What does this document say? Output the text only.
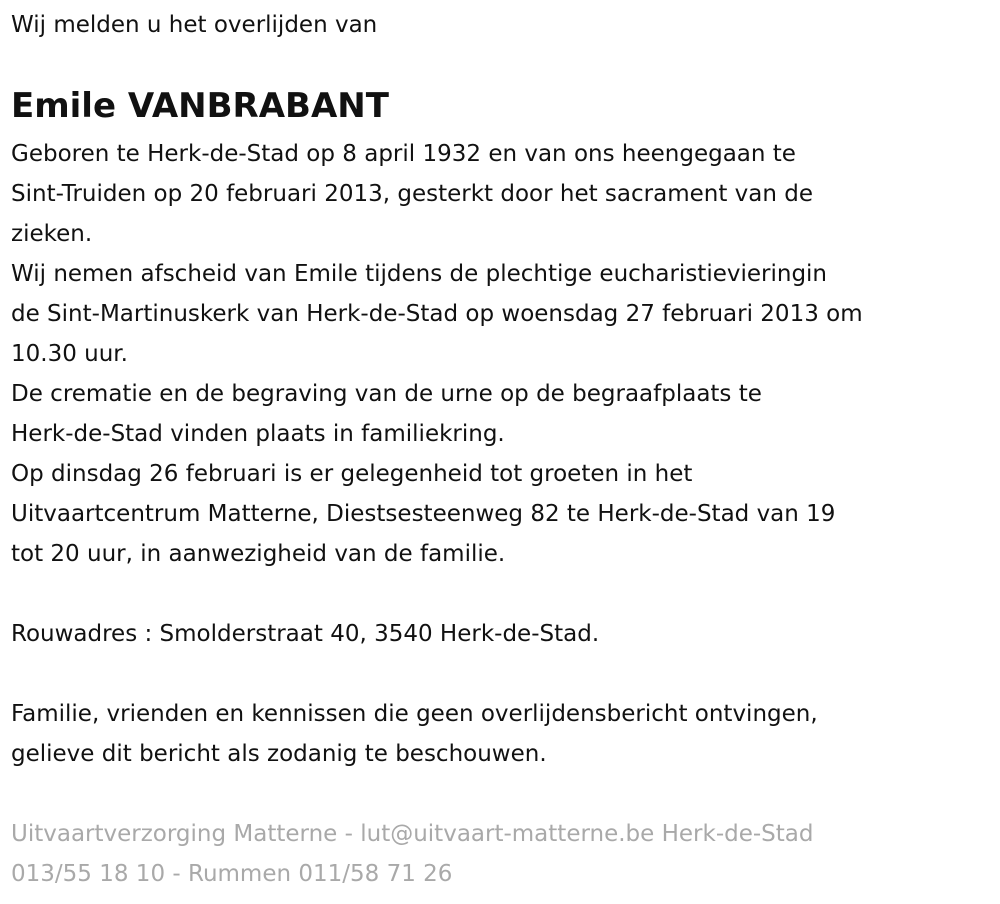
Wij melden u het overlijden van
Emile VANBRABANT
Geboren te Herk-de-Stad op 8 april 1932 en van ons heengegaan te
Sint-Truiden op 20 februari 2013, gesterkt door het sacrament van de
zieken.
Wij nemen afscheid van Emile tijdens de plechtige eucharistievieringin
de Sint-Martinuskerk van Herk-de-Stad op woensdag 27 februari 2013 om
10.30 uur.
De crematie en de begraving van de urne op de begraafplaats te
Herk-de-Stad vinden plaats in familiekring.
Op dinsdag 26 februari is er gelegenheid tot groeten in het
Uitvaartcentrum Matterne, Diestsesteenweg 82 te Herk-de-Stad van 19
tot 20 uur, in aanwezigheid van de familie.
Rouwadres : Smolderstraat 40, 3540 Herk-de-Stad.
Familie, vrienden en kennissen die geen overlijdensbericht ontvingen,
gelieve dit bericht als zodanig te beschouwen.
Uitvaartverzorging Matterne - lut@uitvaart-matterne.be Herk-de-Stad
013/55 18 10 - Rummen 011/58 71 26
